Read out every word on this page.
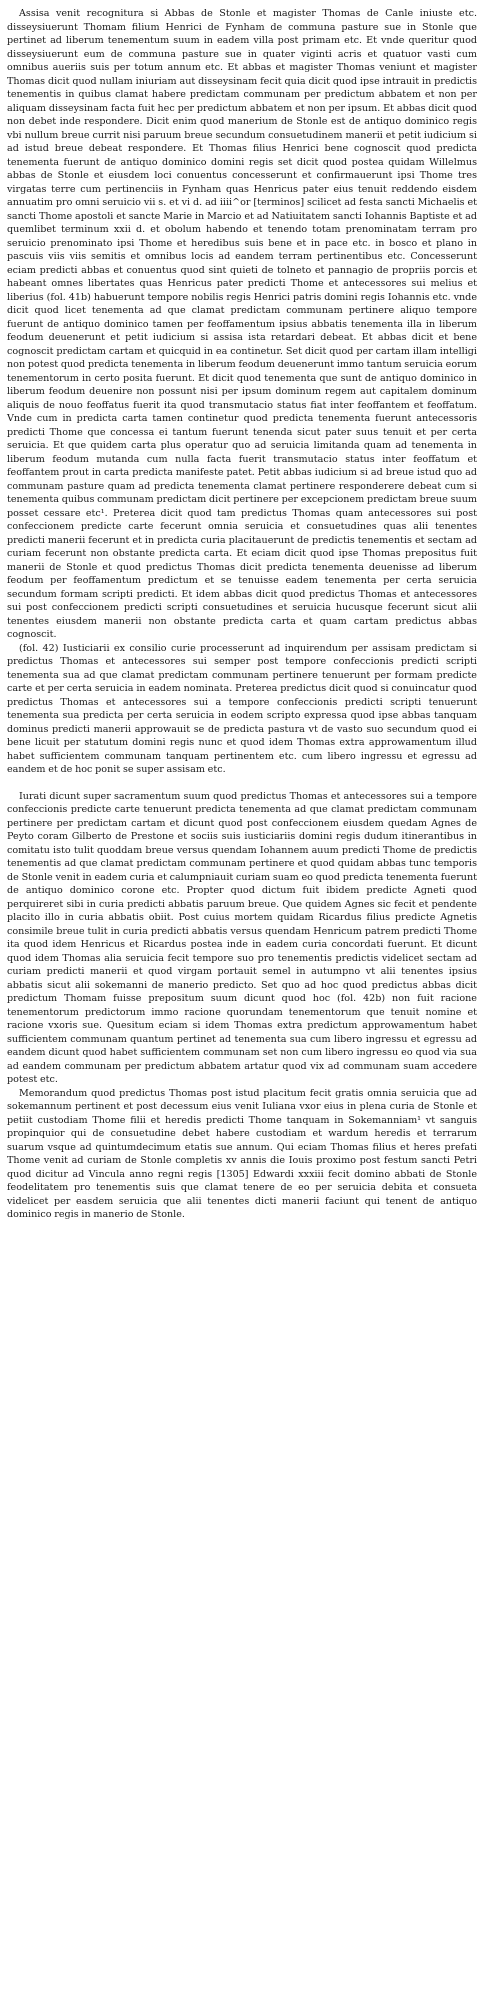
Assisa venit recognitura si Abbas de Stonle et magister Thomas de Canle iniuste etc. disseysiuerunt Thomam filium Henrici de Fynham de communa pasture sue in Stonle que pertinet ad liberum tenementum suum in eadem villa post primam etc. Et vnde queritur quod disseysiuerunt eum de communa pasture sue in quater viginti acris et quatuor vasti cum omnibus aueriis suis per totum annum etc. Et abbas et magister Thomas veniunt et magister Thomas dicit quod nullam iniuriam aut disseysinam fecit quia dicit quod ipse intrauit in predictis tenementis in quibus clamat habere predictam communam per predictum abbatem et non per aliquam disseysinam facta fuit hec per predictum abbatem et non per ipsum. Et abbas dicit quod non debet inde respondere. Dicit enim quod manerium de Stonle est de antiquo dominico regis vbi nullum breue currit nisi paruum breue secundum consuetudinem manerii et petit iudicium si ad istud breue debeat respondere. Et Thomas filius Henrici bene cognoscit quod predicta tenementa fuerunt de antiquo dominico domini regis set dicit quod postea quidam Willelmus abbas de Stonle et eiusdem loci conuentus concesserunt et confirmauerunt ipsi Thome tres virgatas terre cum pertinenciis in Fynham quas Henricus pater eius tenuit reddendo eisdem annuatim pro omni seruicio vii s. et vi d. ad iiii^or [terminos] scilicet ad festa sancti Michaelis et sancti Thome apostoli et sancte Marie in Marcio et ad Natiuitatem sancti Iohannis Baptiste et ad quemlibet terminum xxii d. et obolum habendo et tenendo totam prenominatam terram pro seruicio prenominato ipsi Thome et heredibus suis bene et in pace etc. in bosco et plano in pascuis viis viis semitis et omnibus locis ad eandem terram pertinentibus etc. Concesserunt eciam predicti abbas et conuentus quod sint quieti de tolneto et pannagio de propriis porcis et habeant omnes libertates quas Henricus pater predicti Thome et antecessores sui melius et liberius (fol. 41b) habuerunt tempore nobilis regis Henrici patris domini regis Iohannis etc. vnde dicit quod licet tenementa ad que clamat predictam communam pertinere aliquo tempore fuerunt de antiquo dominico tamen per feoffamentum ipsius abbatis tenementa illa in liberum feodum deuenerunt et petit iudicium si assisa ista retardari debeat. Et abbas dicit et bene cognoscit predictam cartam et quicquid in ea continetur. Set dicit quod per cartam illam intelligi non potest quod predicta tenementa in liberum feodum deuenerunt immo tantum seruicia eorum tenementorum in certo posita fuerunt. Et dicit quod tenementa que sunt de antiquo dominico in liberum feodum deuenire non possunt nisi per ipsum dominum regem aut capitalem dominum aliquis de nouo feoffatus fuerit ita quod transmutacio status fiat inter feoffantem et feoffatum. Vnde cum in predicta carta tamen continetur quod predicta tenementa fuerunt antecessoris predicti Thome que concessa ei tantum fuerunt tenenda sicut pater suus tenuit et per certa seruicia. Et que quidem carta plus operatur quo ad seruicia limitanda quam ad tenementa in liberum feodum mutanda cum nulla facta fuerit transmutacio status inter feoffatum et feoffantem prout in carta predicta manifeste patet. Petit abbas iudicium si ad breue istud quo ad communam pasture quam ad predicta tenementa clamat pertinere responderere debeat cum si tenementa quibus communam predictam dicit pertinere per excepcionem predictam breue suum posset cessare etc¹. Preterea dicit quod tam predictus Thomas quam antecessores sui post confeccionem predicte carte fecerunt omnia seruicia et consuetudines quas alii tenentes predicti manerii fecerunt et in predicta curia placitauerunt de predictis tenementis et sectam ad curiam fecerunt non obstante predicta carta. Et eciam dicit quod ipse Thomas prepositus fuit manerii de Stonle et quod predictus Thomas dicit predicta tenementa deuenisse ad liberum feodum per feoffamentum predictum et se tenuisse eadem tenementa per certa seruicia secundum formam scripti predicti. Et idem abbas dicit quod predictus Thomas et antecessores sui post confeccionem predicti scripti consuetudines et seruicia hucusque fecerunt sicut alii tenentes eiusdem manerii non obstante predicta carta et quam cartam predictus abbas cognoscit.

(fol. 42) Iusticiarii ex consilio curie processerunt ad inquirendum per assisam predictam si predictus Thomas et antecessores sui semper post tempore confeccionis predicti scripti tenementa sua ad que clamat predictam communam pertinere tenuerunt per formam predicte carte et per certa seruicia in eadem nominata. Preterea predictus dicit quod si conuincatur quod predictus Thomas et antecessores sui a tempore confeccionis predicti scripti tenuerunt tenementa sua predicta per certa seruicia in eodem scripto expressa quod ipse abbas tanquam dominus predicti manerii approwauit se de predicta pastura vt de vasto suo secundum quod ei bene licuit per statutum domini regis nunc et quod idem Thomas extra approwamentum illud habet sufficientem communam tanquam pertinentem etc. cum libero ingressu et egressu ad eandem et de hoc ponit se super assisam etc.

Iurati dicunt super sacramentum suum quod predictus Thomas et antecessores sui a tempore confeccionis predicte carte tenuerunt predicta tenementa ad que clamat predictam communam pertinere per predictam cartam et dicunt quod post confeccionem eiusdem quedam Agnes de Peyto coram Gilberto de Prestone et sociis suis iusticiariis domini regis dudum itinerantibus in comitatu isto tulit quoddam breue versus quendam Iohannem auum predicti Thome de predictis tenementis ad que clamat predictam communam pertinere et quod quidam abbas tunc temporis de Stonle venit in eadem curia et calumpniauit curiam suam eo quod predicta tenementa fuerunt de antiquo dominico corone etc. Propter quod dictum fuit ibidem predicte Agneti quod perquireret sibi in curia predicti abbatis paruum breue. Que quidem Agnes sic fecit et pendente placito illo in curia abbatis obiit. Post cuius mortem quidam Ricardus filius predicte Agnetis consimile breue tulit in curia predicti abbatis versus quendam Henricum patrem predicti Thome ita quod idem Henricus et Ricardus postea inde in eadem curia concordati fuerunt. Et dicunt quod idem Thomas alia seruicia fecit tempore suo pro tenementis predictis videlicet sectam ad curiam predicti manerii et quod virgam portauit semel in autumpno vt alii tenentes ipsius abbatis sicut alii sokemanni de manerio predicto. Set quo ad hoc quod predictus abbas dicit predictum Thomam fuisse prepositum suum dicunt quod hoc (fol. 42b) non fuit racione tenementorum predictorum immo racione quorundam tenementorum que tenuit nomine et racione vxoris sue. Quesitum eciam si idem Thomas extra predictum approwamentum habet sufficientem communam quantum pertinet ad tenementa sua cum libero ingressu et egressu ad eandem dicunt quod habet sufficientem communam set non cum libero ingressu eo quod via sua ad eandem communam per predictum abbatem artatur quod vix ad communam suam accedere potest etc.

Memorandum quod predictus Thomas post istud placitum fecit gratis omnia seruicia que ad sokemannum pertinent et post decessum eius venit Iuliana vxor eius in plena curia de Stonle et petiit custodiam Thome filii et heredis predicti Thome tanquam in Sokemanniam¹ vt sanguis propinquior qui de consuetudine debet habere custodiam et wardum heredis et terrarum suarum vsque ad quintumdecimum etatis sue annum. Qui eciam Thomas filius et heres prefati Thome venit ad curiam de Stonle completis xv annis die Iouis proximo post festum sancti Petri quod dicitur ad Vincula anno regni regis [1305] Edwardi xxxiii fecit domino abbati de Stonle feodelitatem pro tenementis suis que clamat tenere de eo per seruicia debita et consueta videlicet per easdem seruicia que alii tenentes dicti manerii faciunt qui tenent de antiquo dominico regis in manerio de Stonle.
